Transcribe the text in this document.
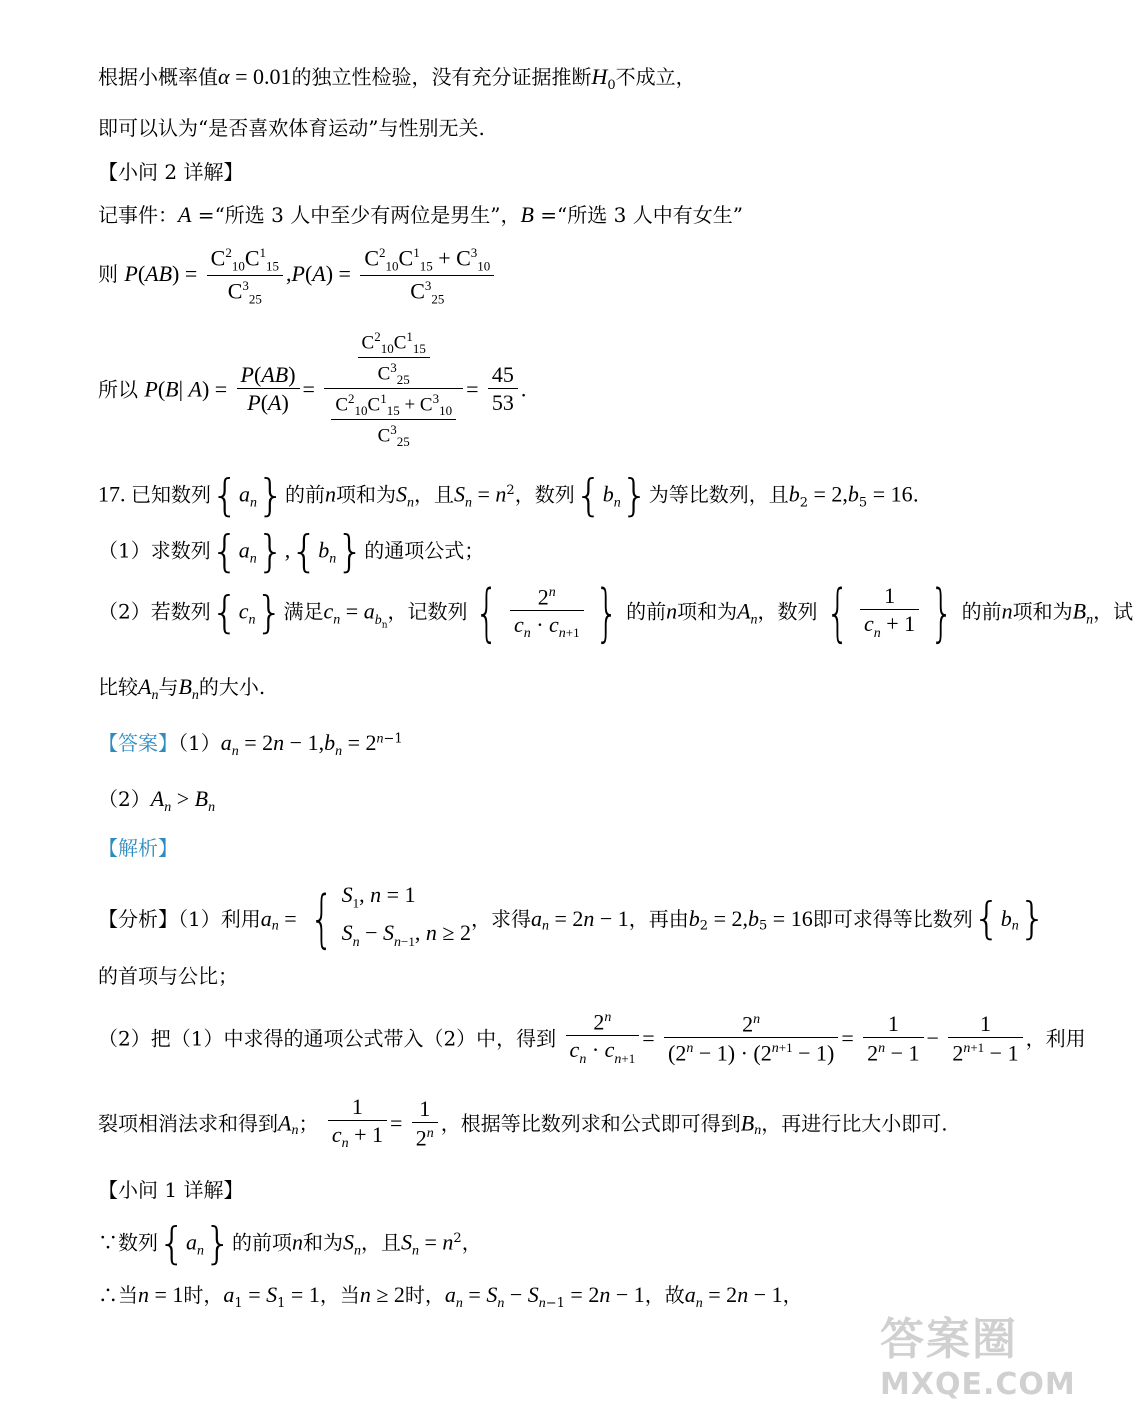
根据小概率值α = 0.01的独立性检验，没有充分证据推断$H_0$不成立，
即可以认为“是否喜欢体育运动”与性别无关.
【小问 2 详解】
记事件：A =“所选 3 人中至少有两位是男生”，B =“所选 3 人中有女生”
则 $P(AB) = \frac{C^2_{10}C^1_{15}}{C^3_{25}} ,P(A) = \frac{C^2_{10}C^1_{15} + C^3_{10}}{C^3_{25}}$
所以 P(B| $A) = \frac{P(AB)}{P(A)} = \frac{\frac{C^2_{10}C^1_{15}}{C^3_{25}}}{\frac{C^2_{10}C^1_{15} + C^3_{10}}{C^3_{25}}} = \frac{45}{53}$ .
17. 已知数列$\{a_n\}$的前n项和为$S_n$，且$S_n = n^2$，数列$\{b_n\}$为等比数列，且$b_2 = 2,b_5 = 16$.
（1）求数列$\{a_n\},\{b_n\}$的通项公式；
（2）若数列$\{c_n\}$满足$c_n = a_{b_n}$，记数列 { $\frac{2^n}{c_n \cdot c_{n+1}}$ } 的前n项和为$A_n$，数列 { $\frac{1}{c_n + 1}$ } 的前n项和为$B_n$，试
比较$A_n$与$B_n$的大小.
【答案】$(1)a_n = 2n - 1,b_n = 2^{n-1}$
$(2)A_n > B_n$
【解析】
【分析】（1）利用$a_n$ = { $S_1$, n = 1
$S_n - S_{n-1}$, n ≥ 2，求得$a_n = 2n - 1$，再由$b_2 = 2,b_5 = 16$即可求得等比数列$\{b_n\}$
的首项与公比；
（2）把（1）中求得的通项公式带入（2）中，得到 $\frac{2^n}{c_n \cdot c_{n+1}} = \frac{2^n}{(2^n - 1) \cdot (2^{n+1} - 1)} = \frac{1}{2^n - 1} - \frac{1}{2^{n+1} - 1}$ ，利用
裂项相消法求和得到$A_n$； $\frac{1}{c_n + 1} = \frac{1}{2^n}$ ，根据等比数列求和公式即可得到$B_n$，再进行比大小即可.
【小问 1 详解】
∵数列$\{a_n\}$的前项n和为$S_n$，且$S_n = n^2$，
∴当n = 1时，$a_1 = S_1 = 1$，当n ≥ 2时，$a_n = S_n - S_{n-1} = 2n - 1$，故$a_n = 2n - 1$，
答案圈
MXQE.COM
